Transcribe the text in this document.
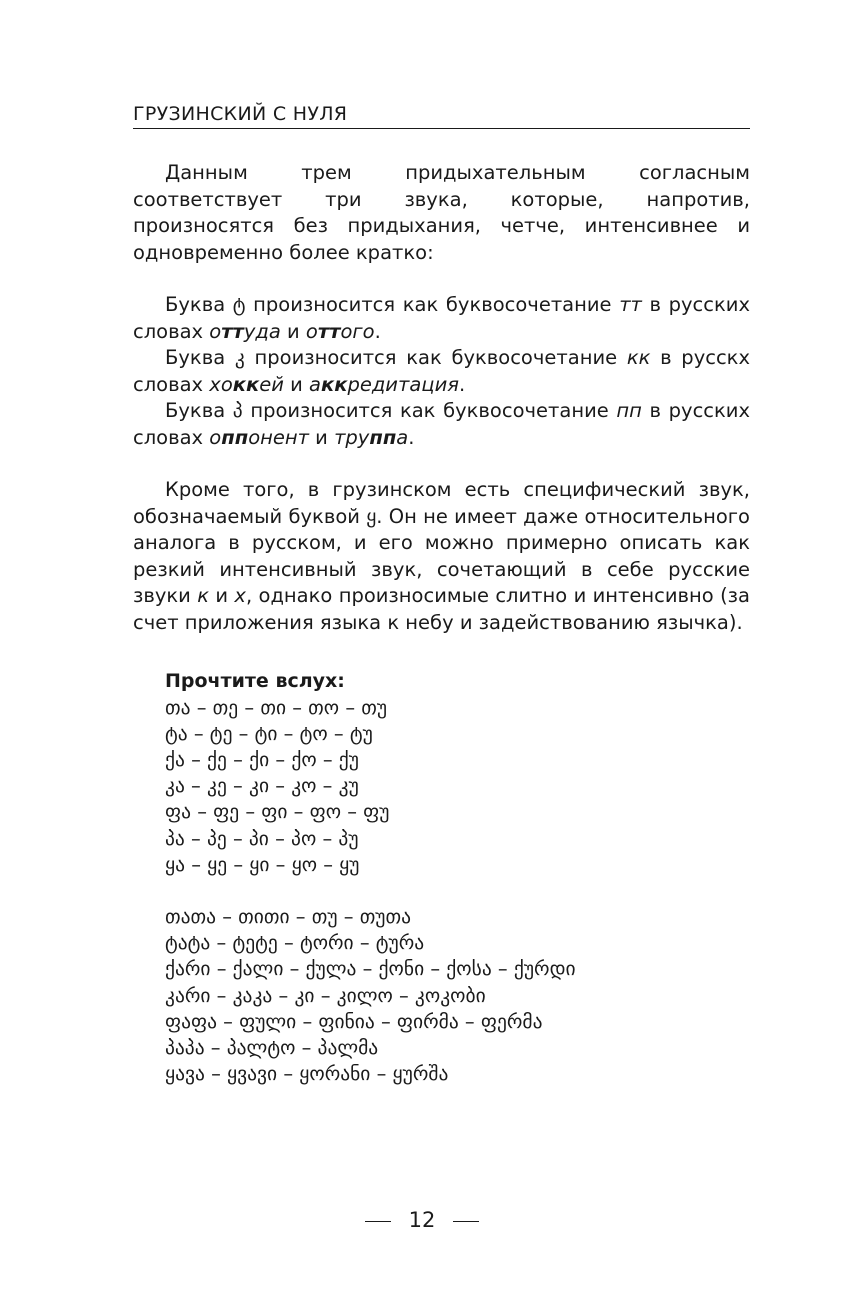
ГРУЗИНСКИЙ С НУЛЯ

Данным трем придыхательным согласным соответствует три звука, которые, напротив, произносятся без придыхания, четче, интенсивнее и одновременно более кратко:

Буква ტ произносится как буквосочетание тт в русских словах оттуда и оттого.

Буква კ произносится как буквосочетание кк в русскх словах хоккей и аккредитация.

Буква პ произносится как буквосочетание пп в русских словах оппонент и труппа.

Кроме того, в грузинском есть специфический звук, обозначаемый буквой ყ. Он не имеет даже относительного аналога в русском, и его можно примерно описать как резкий интенсивный звук, сочетающий в себе русские звуки к и х, однако произносимые слитно и интенсивно (за счет приложения языка к небу и задействованию язычка).

Прочтите вслух:
თა – თე – თი – თო – თუ
ტა – ტე – ტი – ტო – ტუ
ქა – ქე – ქი – ქო – ქუ
კა – კე – კი – კო – კუ
ფა – ფე – ფი – ფო – ფუ
პა – პე – პი – პო – პუ
ყა – ყე – ყი – ყო – ყუ
თათა – თითი – თუ – თუთა
ტატა – ტეტე – ტორი – ტურა
ქარი – ქალი – ქულა – ქონი – ქოსა – ქურდი
კარი – კაკა – კი – კილო – კოკობი
ფაფა – ფული – ფინია – ფირმა – ფერმა
პაპა – პალტო – პალმა
ყავა – ყვავი – ყორანი – ყურშა
12
